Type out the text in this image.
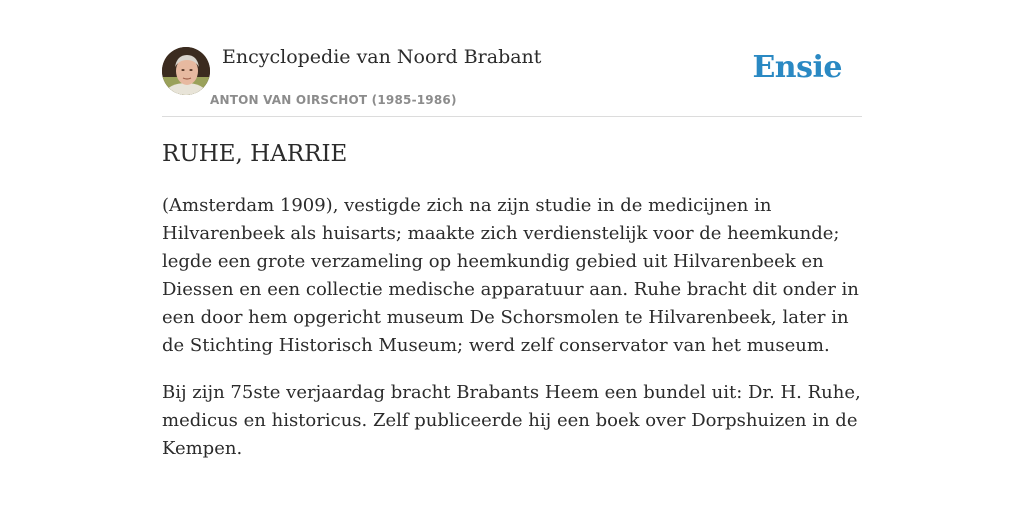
Encyclopedie van Noord Brabant
ANTON VAN OIRSCHOT (1985-1986)
Ensie
RUHE, HARRIE

(Amsterdam 1909), vestigde zich na zijn studie in de medicijnen in Hilvarenbeek als huisarts; maakte zich verdienstelijk voor de heemkunde; legde een grote verzameling op heemkundig gebied uit Hilvarenbeek en Diessen en een collectie medische apparatuur aan. Ruhe bracht dit onder in een door hem opgericht museum De Schorsmolen te Hilvarenbeek, later in de Stichting Historisch Museum; werd zelf conservator van het museum.

Bij zijn 75ste verjaardag bracht Brabants Heem een bundel uit: Dr. H. Ruhe, medicus en historicus. Zelf publiceerde hij een boek over Dorpshuizen in de Kempen.
